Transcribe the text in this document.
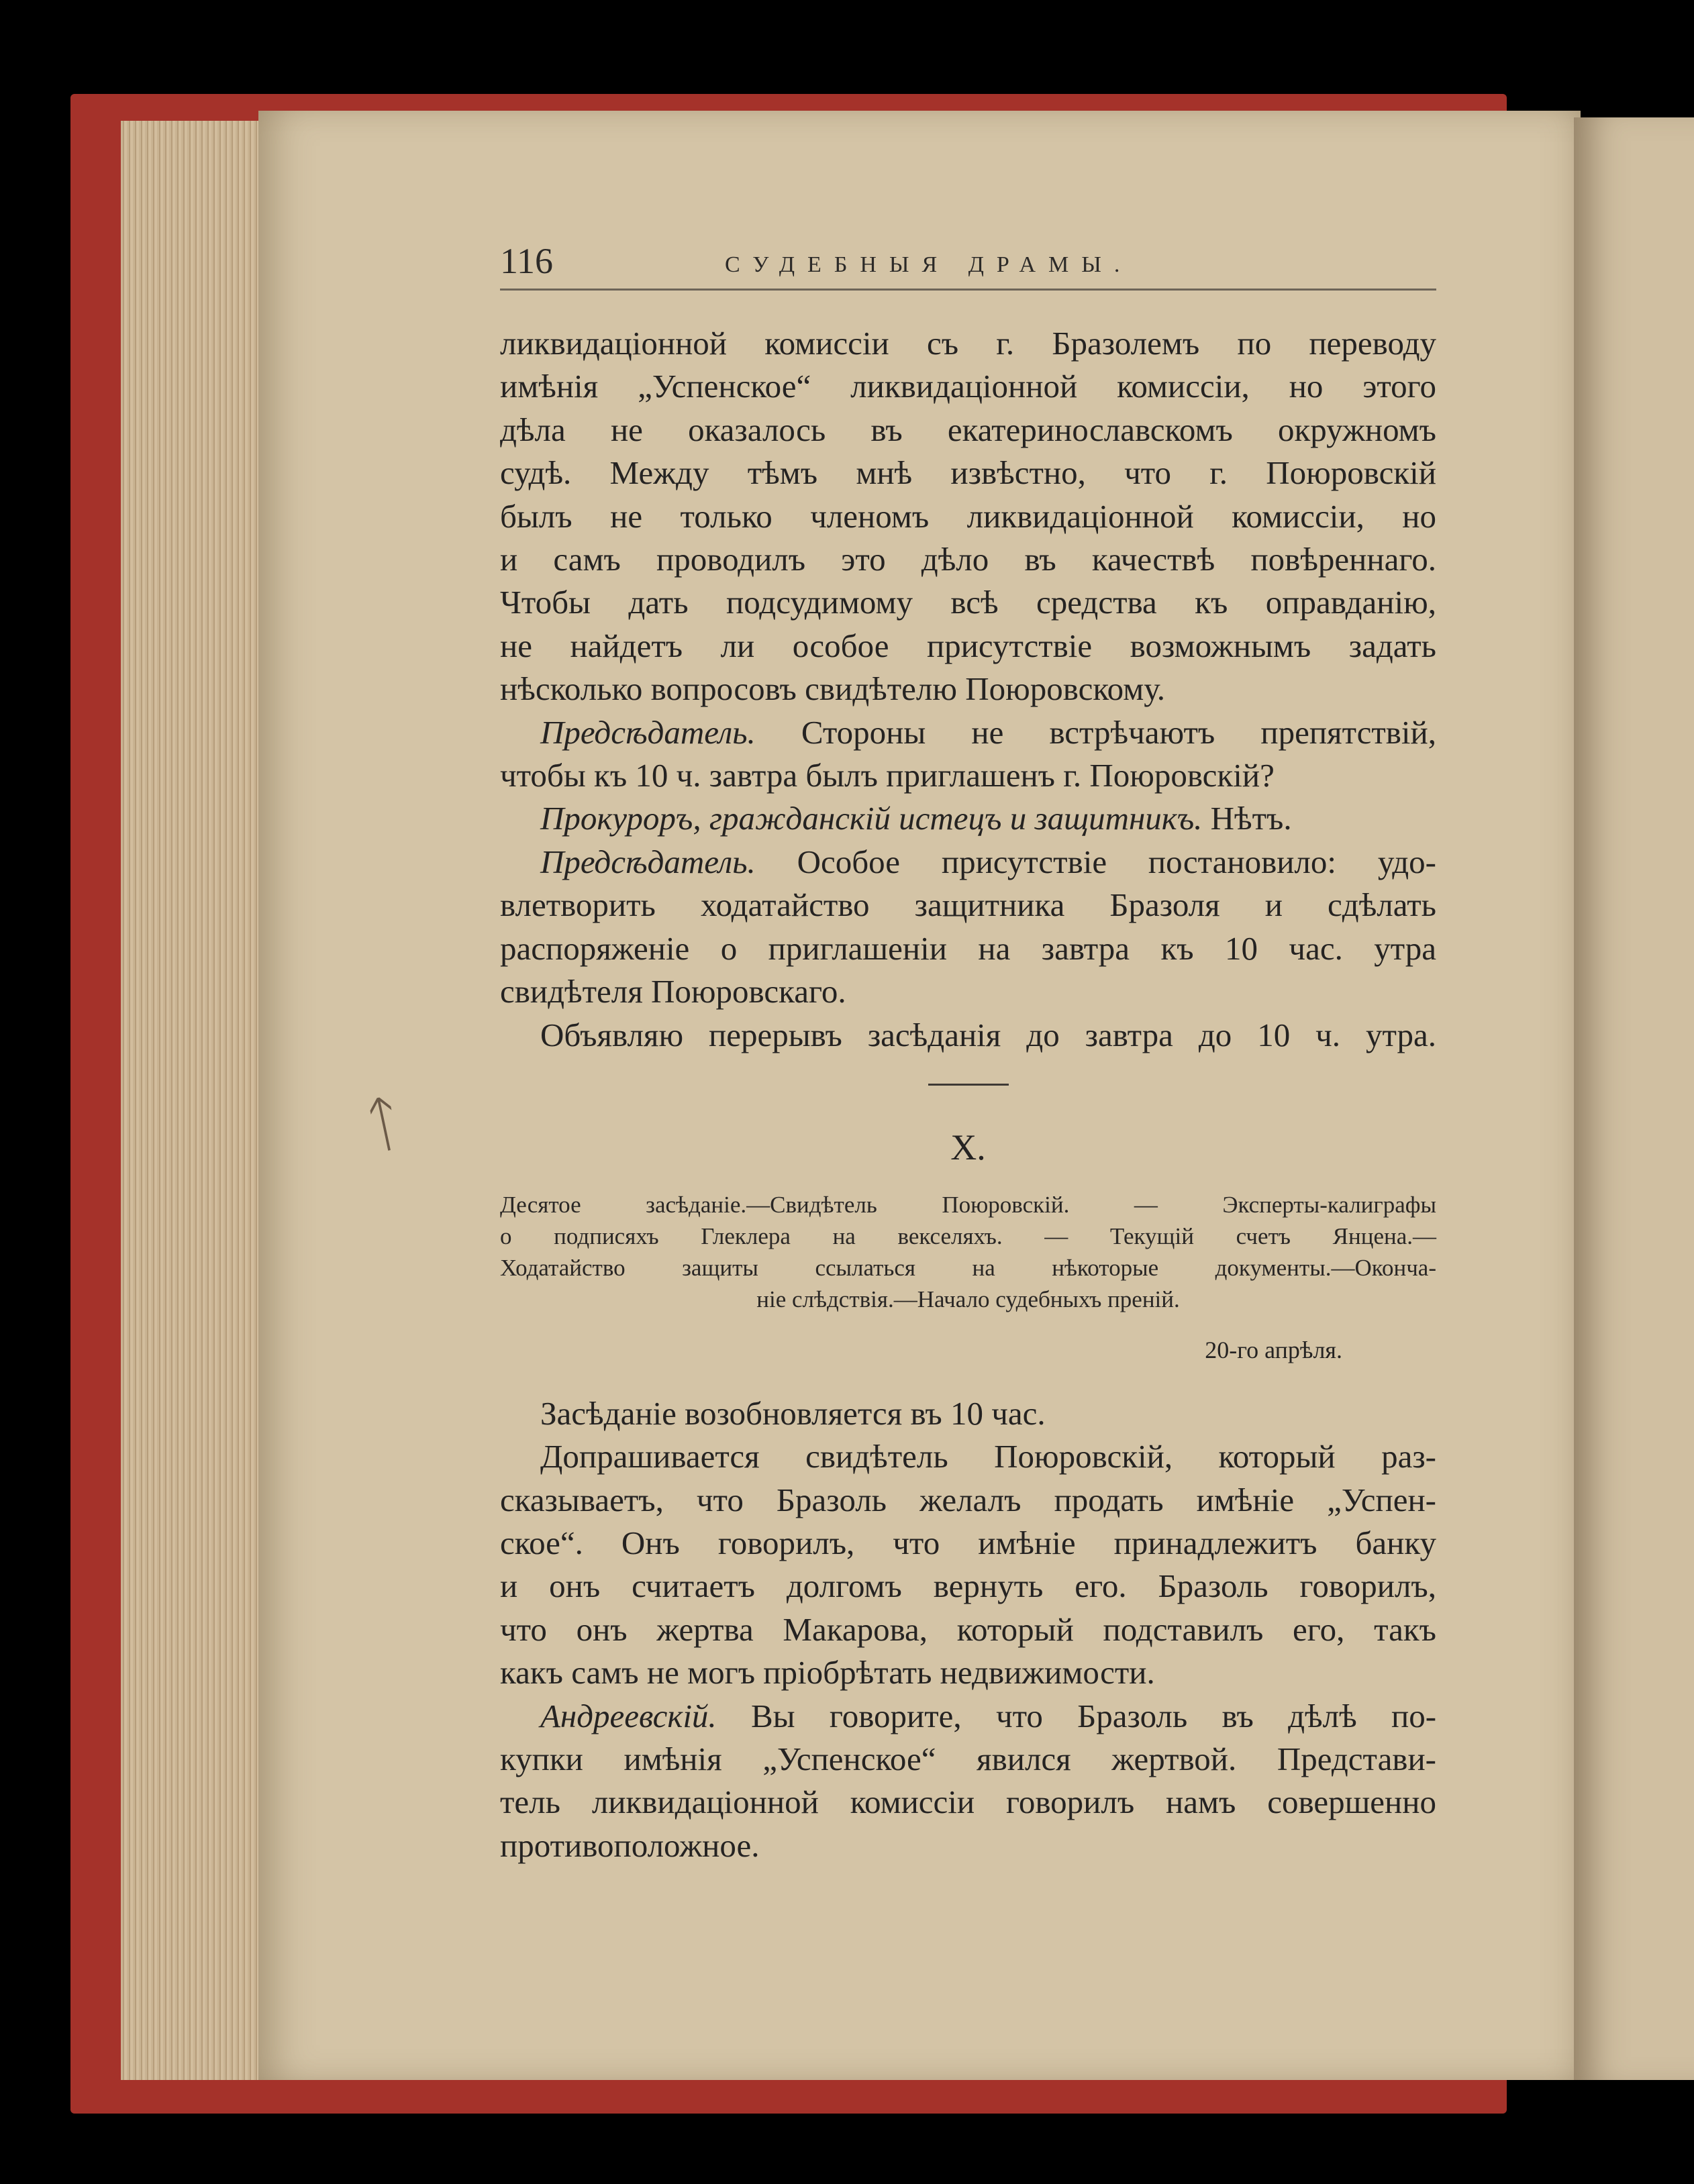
ᛏ
116	СУДЕБНЫЯ ДРАМЫ.

ликвидацiонной комиссiи съ г. Бразолемъ по переводу
имѣнiя „Успенское“ ликвидацiонной комиссiи, но этого
дѣла не оказалось въ екатеринославскомъ окружномъ
судѣ. Между тѣмъ мнѣ извѣстно, что г. Поюровскiй
былъ не только членомъ ликвидацiонной комиссiи, но
и самъ проводилъ это дѣло въ качествѣ повѣреннаго.
Чтобы дать подсудимому всѣ средства къ оправданiю,
не найдетъ ли особое присутствiе возможнымъ задать
нѣсколько вопросовъ свидѣтелю Поюровскому.

Предсѣдатель. Стороны не встрѣчаютъ препятствiй,
чтобы къ 10 ч. завтра былъ приглашенъ г. Поюровскiй?

Прокуроръ, гражданскiй истецъ и защитникъ. Нѣтъ.

Предсѣдатель. Особое присутствiе постановило: удо-
влетворить ходатайство защитника Бразоля и сдѣлать
распоряженiе о приглашенiи на завтра къ 10 час. утра
свидѣтеля Поюровскаго.

Объявляю перерывъ засѣданiя до завтра до 10 ч. утра.

X.
Десятое засѣданiе.—Свидѣтель Поюровскiй. — Эксперты-калиграфы
о подписяхъ Глеклера на векселяхъ. — Текущiй счетъ Янцена.—
Ходатайство защиты ссылаться на нѣкоторые документы.—Оконча-
нiе слѣдствiя.—Начало судебныхъ пренiй.
20-го апрѣля.

Засѣданiе возобновляется въ 10 час.

Допрашивается свидѣтель Поюровскiй, который раз-
сказываетъ, что Бразоль желалъ продать имѣнiе „Успен-
ское“. Онъ говорилъ, что имѣнiе принадлежитъ банку
и онъ считаетъ долгомъ вернуть его. Бразоль говорилъ,
что онъ жертва Макарова, который подставилъ его, такъ
какъ самъ не могъ прiобрѣтать недвижимости.

Андреевскiй. Вы говорите, что Бразоль въ дѣлѣ по-
купки имѣнiя „Успенское“ явился жертвой. Представи-
тель ликвидацiонной комиссiи говорилъ намъ совершенно
противоположное.
